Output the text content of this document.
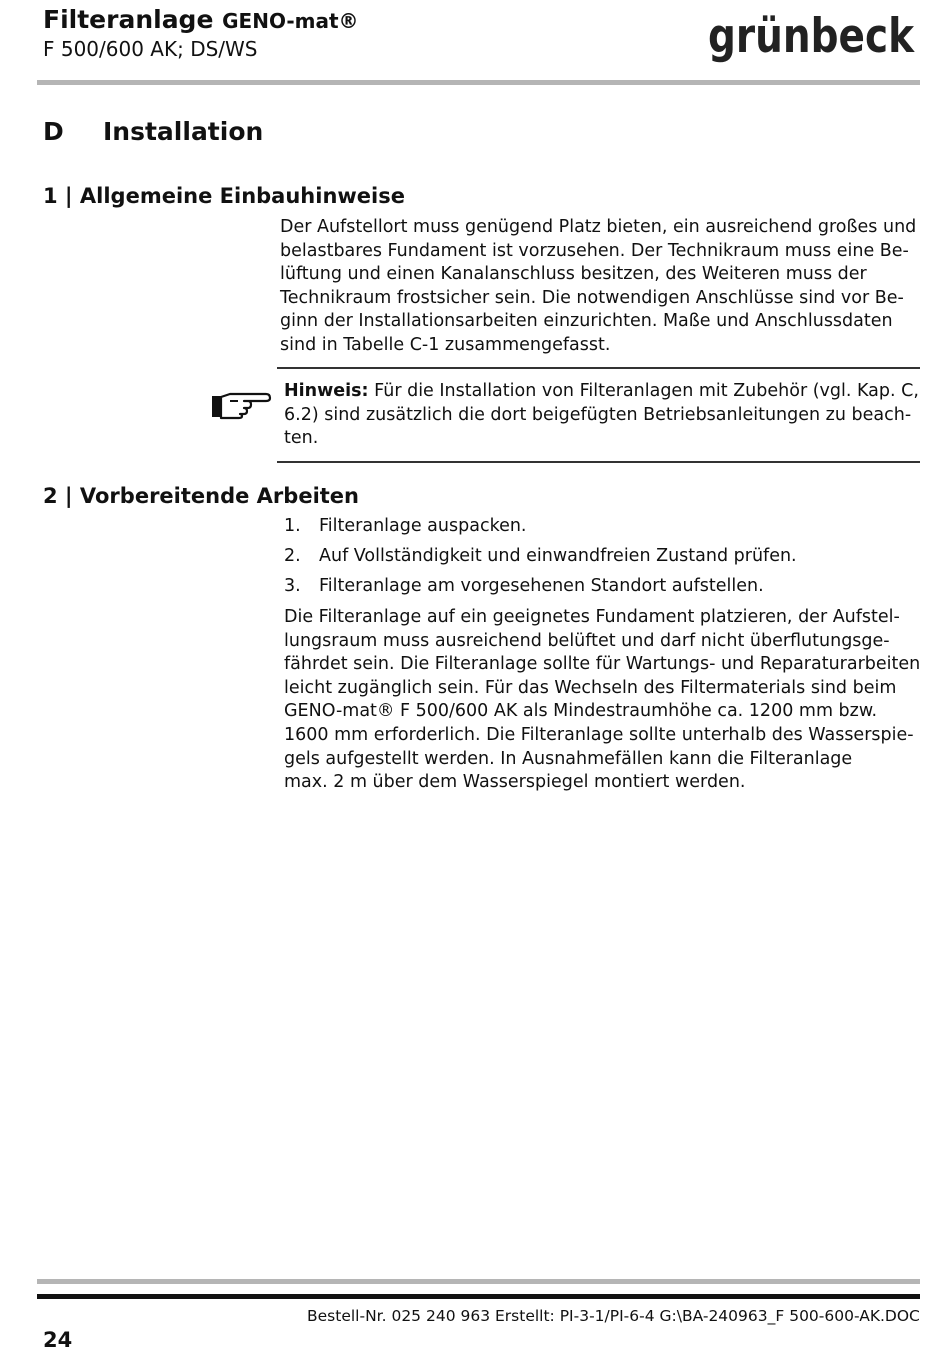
Filteranlage GENO-mat®
F 500/600 AK; DS/WS	grünbeck
D Installation
1 | Allgemeine Einbauhinweise
Der Aufstellort muss genügend Platz bieten, ein ausreichend großes und
belastbares Fundament ist vorzusehen. Der Technikraum muss eine Be-
lüftung und einen Kanalanschluss besitzen, des Weiteren muss der
Technikraum frostsicher sein. Die notwendigen Anschlüsse sind vor Be-
ginn der Installationsarbeiten einzurichten. Maße und Anschlussdaten
sind in Tabelle C-1 zusammengefasst.
Hinweis: Für die Installation von Filteranlagen mit Zubehör (vgl. Kap. C,
6.2) sind zusätzlich die dort beigefügten Betriebsanleitungen zu beach-
ten.
2 | Vorbereitende Arbeiten
1. Filteranlage auspacken.
2. Auf Vollständigkeit und einwandfreien Zustand prüfen.
3. Filteranlage am vorgesehenen Standort aufstellen.
Die Filteranlage auf ein geeignetes Fundament platzieren, der Aufstel-
lungsraum muss ausreichend belüftet und darf nicht überflutungsge-
fährdet sein. Die Filteranlage sollte für Wartungs- und Reparaturarbeiten
leicht zugänglich sein. Für das Wechseln des Filtermaterials sind beim
GENO-mat® F 500/600 AK als Mindestraumhöhe ca. 1200 mm bzw.
1600 mm erforderlich. Die Filteranlage sollte unterhalb des Wasserspie-
gels aufgestellt werden. In Ausnahmefällen kann die Filteranlage
max. 2 m über dem Wasserspiegel montiert werden.
Bestell-Nr. 025 240 963 Erstellt: PI-3-1/PI-6-4 G:\BA-240963_F 500-600-AK.DOC
24
